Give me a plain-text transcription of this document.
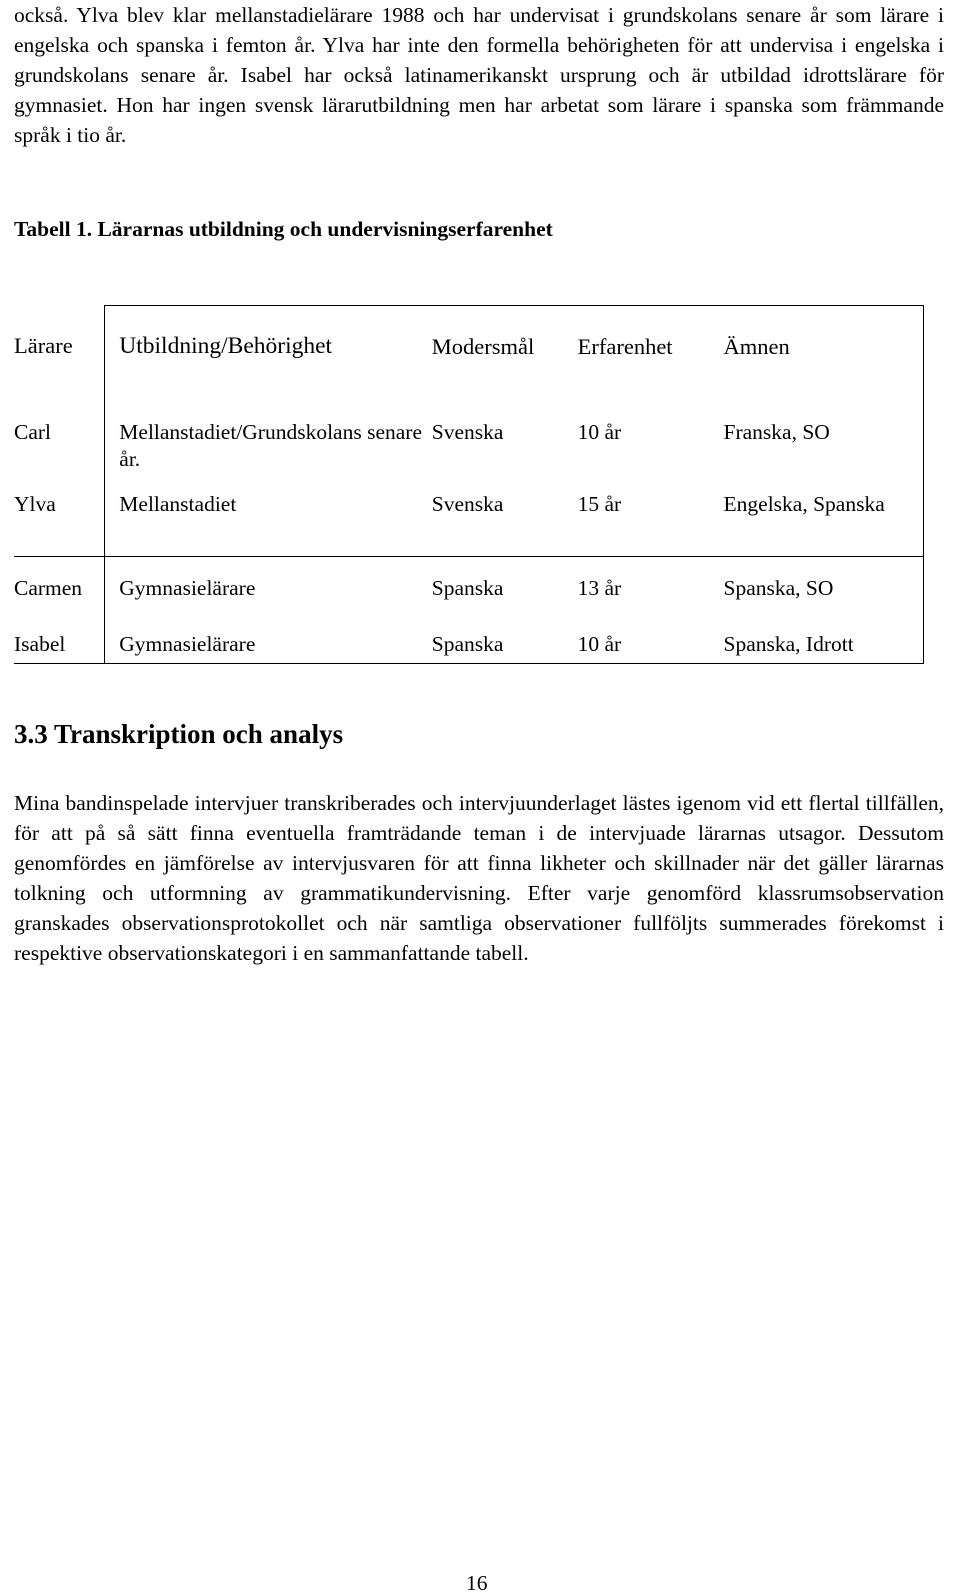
också. Ylva blev klar mellanstadielärare 1988 och har undervisat i grundskolans senare år som lärare i engelska och spanska i femton år. Ylva har inte den formella behörigheten för att undervisa i engelska i grundskolans senare år. Isabel har också latinamerikanskt ursprung och är utbildad idrottslärare för gymnasiet. Hon har ingen svensk lärarutbildning men har arbetat som lärare i spanska som främmande språk i tio år.

Tabell 1. Lärarnas utbildning och undervisningserfarenhet

Lärare	Utbildning/Behörighet	Modersmål	Erfarenhet	Ämnen
Carl	Mellanstadiet/Grundskolans senare år.	Svenska	10 år	Franska, SO
Ylva	Mellanstadiet	Svenska	15 år	Engelska, Spanska
Carmen	Gymnasielärare	Spanska	13 år	Spanska, SO
Isabel	Gymnasielärare	Spanska	10 år	Spanska, Idrott
3.3 Transkription och analys

Mina bandinspelade intervjuer transkriberades och intervjuunderlaget lästes igenom vid ett flertal tillfällen, för att på så sätt finna eventuella framträdande teman i de intervjuade lärarnas utsagor. Dessutom genomfördes en jämförelse av intervjusvaren för att finna likheter och skillnader när det gäller lärarnas tolkning och utformning av grammatikundervisning. Efter varje genomförd klassrumsobservation granskades observationsprotokollet och när samtliga observationer fullföljts summerades förekomst i respektive observationskategori i en sammanfattande tabell.

16
